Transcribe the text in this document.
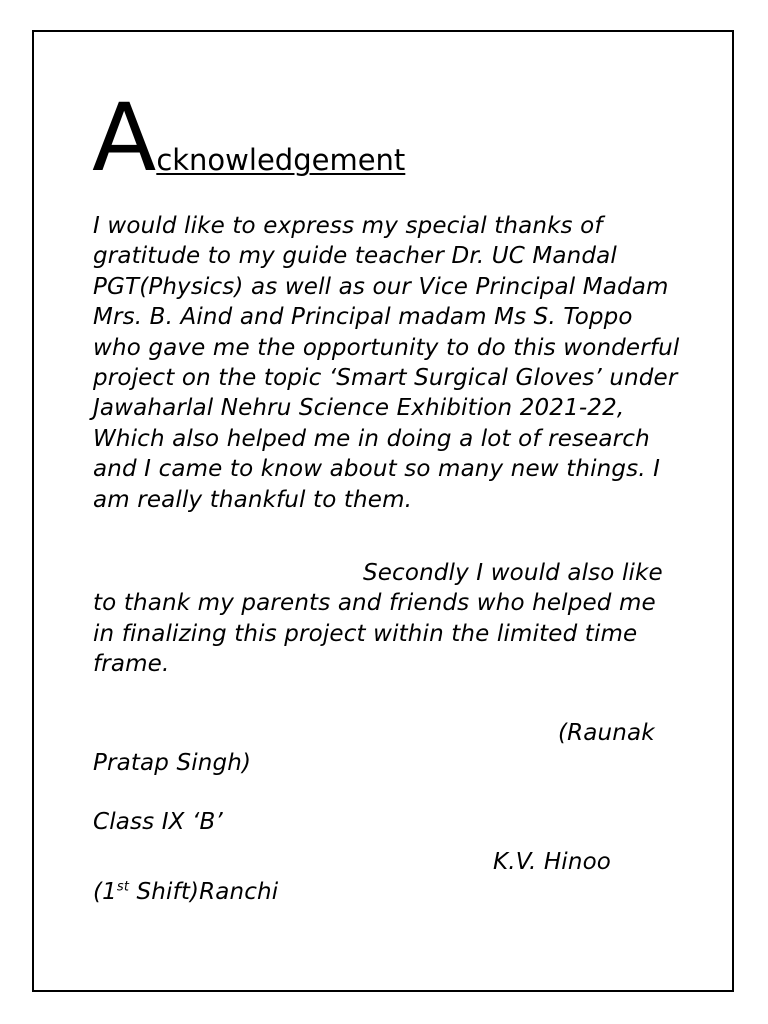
Acknowledgement

I would like to express my special thanks of gratitude to my guide teacher Dr. UC Mandal PGT(Physics) as well as our Vice Principal Madam Mrs. B. Aind and Principal madam Ms S. Toppo who gave me the opportunity to do this wonderful project on the topic ‘Smart Surgical Gloves’ under Jawaharlal Nehru Science Exhibition 2021-22, Which also helped me in doing a lot of research and I came to know about so many new things. I am really thankful to them.

Secondly I would also like to thank my parents and friends who helped me in finalizing this project within the limited time frame.

(Raunak
Pratap Singh)
Class IX ‘B’
K.V. Hinoo
(1st Shift)Ranchi
